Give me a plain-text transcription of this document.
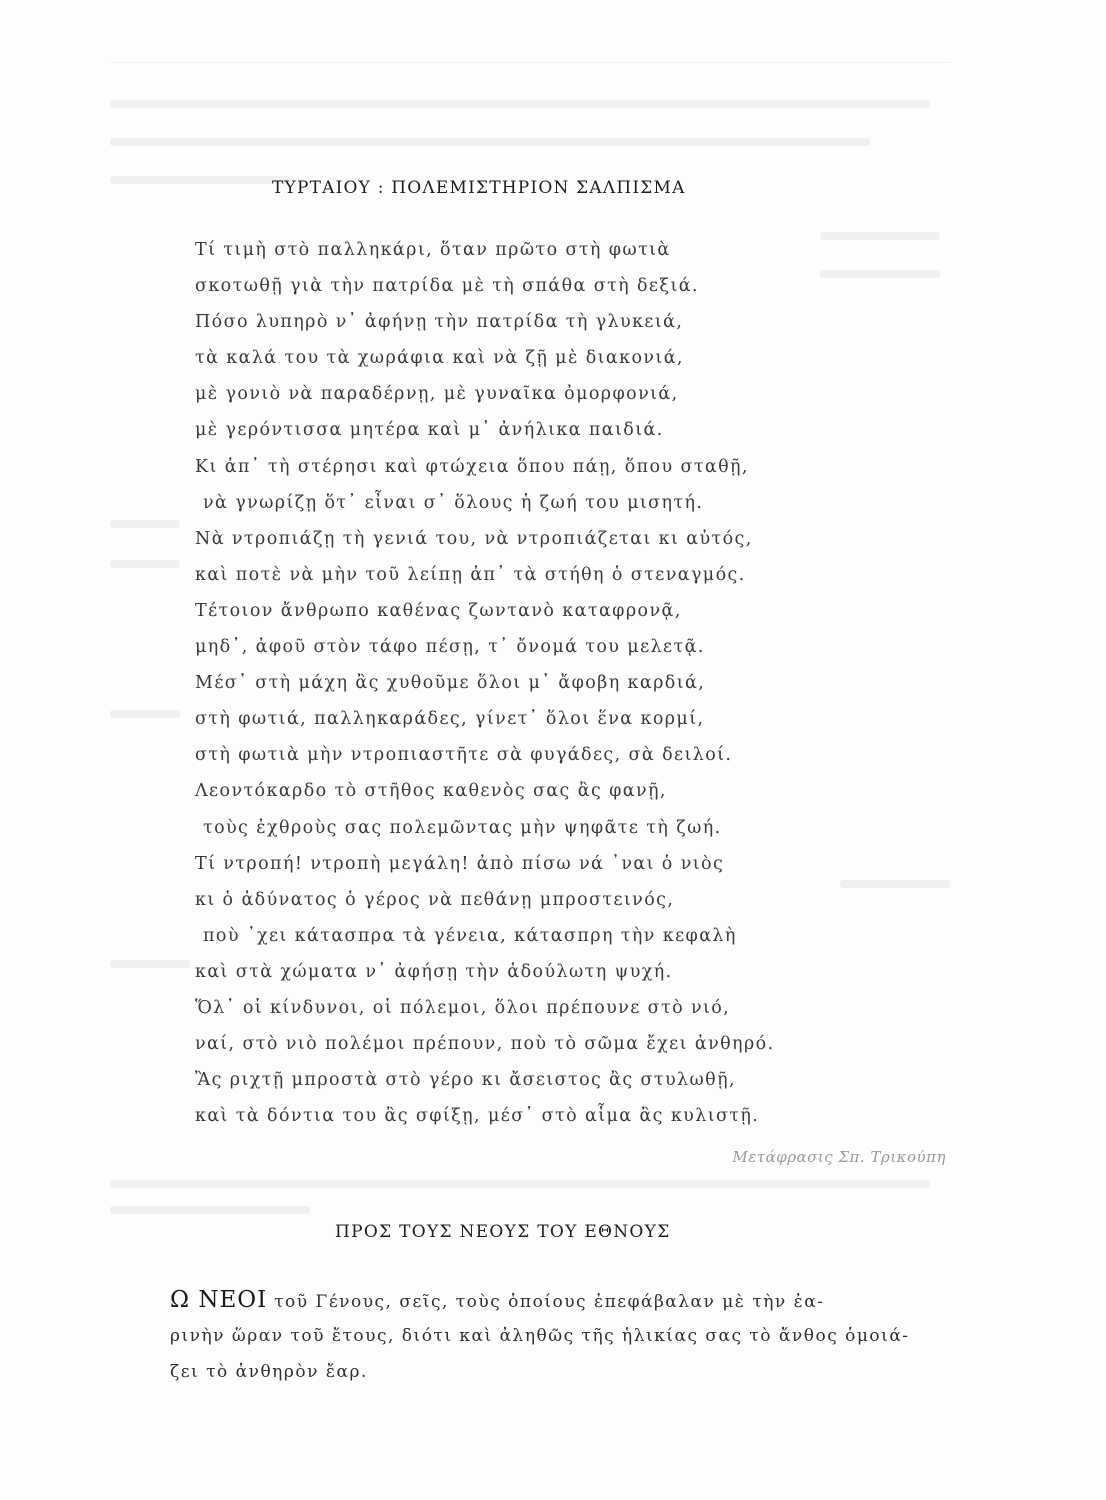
ΤΥΡΤΑΙΟΥ : ΠΟΛΕΜΙΣΤΗΡΙΟΝ ΣΑΛΠΙΣΜΑ
Τί τιμὴ στὸ παλληκάρι, ὅταν πρῶτο στὴ φωτιὰ
σκοτωθῇ γιὰ τὴν πατρίδα μὲ τὴ σπάθα στὴ δεξιά.
Πόσο λυπηρὸ ν᾽ ἀφήνῃ τὴν πατρίδα τὴ γλυκειά,
τὰ καλά του τὰ χωράφια καὶ νὰ ζῇ μὲ διακονιά,
μὲ γονιὸ νὰ παραδέρνῃ, μὲ γυναῖκα ὀμορφονιά,
μὲ γερόντισσα μητέρα καὶ μ᾽ ἀνήλικα παιδιά.
Κι ἀπ᾽ τὴ στέρησι καὶ φτώχεια ὅπου πάῃ, ὅπου σταθῇ,
νὰ γνωρίζῃ ὅτ᾽ εἶναι σ᾽ ὅλους ἡ ζωή του μισητή.
Νὰ ντροπιάζῃ τὴ γενιά του, νὰ ντροπιάζεται κι αὐτός,
καὶ ποτὲ νὰ μὴν τοῦ λείπῃ ἀπ᾽ τὰ στήθη ὁ στεναγμός.
Τέτοιον ἄνθρωπο καθένας ζωντανὸ καταφρονᾷ,
μηδ᾽, ἀφοῦ στὸν τάφο πέσῃ, τ᾽ ὄνομά του μελετᾷ.
Μέσ᾽ στὴ μάχη ἂς χυθοῦμε ὅλοι μ᾽ ἄφοβη καρδιά,
στὴ φωτιά, παλληκαράδες, γίνετ᾽ ὅλοι ἕνα κορμί,
στὴ φωτιὰ μὴν ντροπιαστῆτε σὰ φυγάδες, σὰ δειλοί.
Λεοντόκαρδο τὸ στῆθος καθενὸς σας ἂς φανῇ,
τοὺς ἐχθροὺς σας πολεμῶντας μὴν ψηφᾶτε τὴ ζωή.
Τί ντροπή! ντροπὴ μεγάλη! ἀπὸ πίσω νά ᾽ναι ὁ νιὸς
κι ὁ ἀδύνατος ὁ γέρος νὰ πεθάνῃ μπροστεινός,
ποὺ ᾽χει κάτασπρα τὰ γένεια, κάτασπρη τὴν κεφαλὴ
καὶ στὰ χώματα ν᾽ ἀφήσῃ τὴν ἀδούλωτη ψυχή.
Ὅλ᾽ οἱ κίνδυνοι, οἱ πόλεμοι, ὅλοι πρέπουνε στὸ νιό,
ναί, στὸ νιὸ πολέμοι πρέπουν, ποὺ τὸ σῶμα ἔχει ἀνθηρό.
Ἂς ριχτῇ μπροστὰ στὸ γέρο κι ἄσειστος ἂς στυλωθῇ,
καὶ τὰ δόντια του ἂς σφίξῃ, μέσ᾽ στὸ αἷμα ἂς κυλιστῇ.
Μετάφρασις Σπ. Τρικούπη
ΠΡΟΣ ΤΟΥΣ ΝΕΟΥΣ ΤΟΥ ΕΘΝΟΥΣ
Ω ΝΕΟΙ τοῦ Γένους, σεῖς, τοὺς ὁποίους ἐπεφάβαλαν μὲ τὴν ἐα-
ρινὴν ὥραν τοῦ ἔτους, διότι καὶ ἀληθῶς τῆς ἡλικίας σας τὸ ἄνθος ὁμοιά-
ζει τὸ ἀνθηρὸν ἔαρ.
